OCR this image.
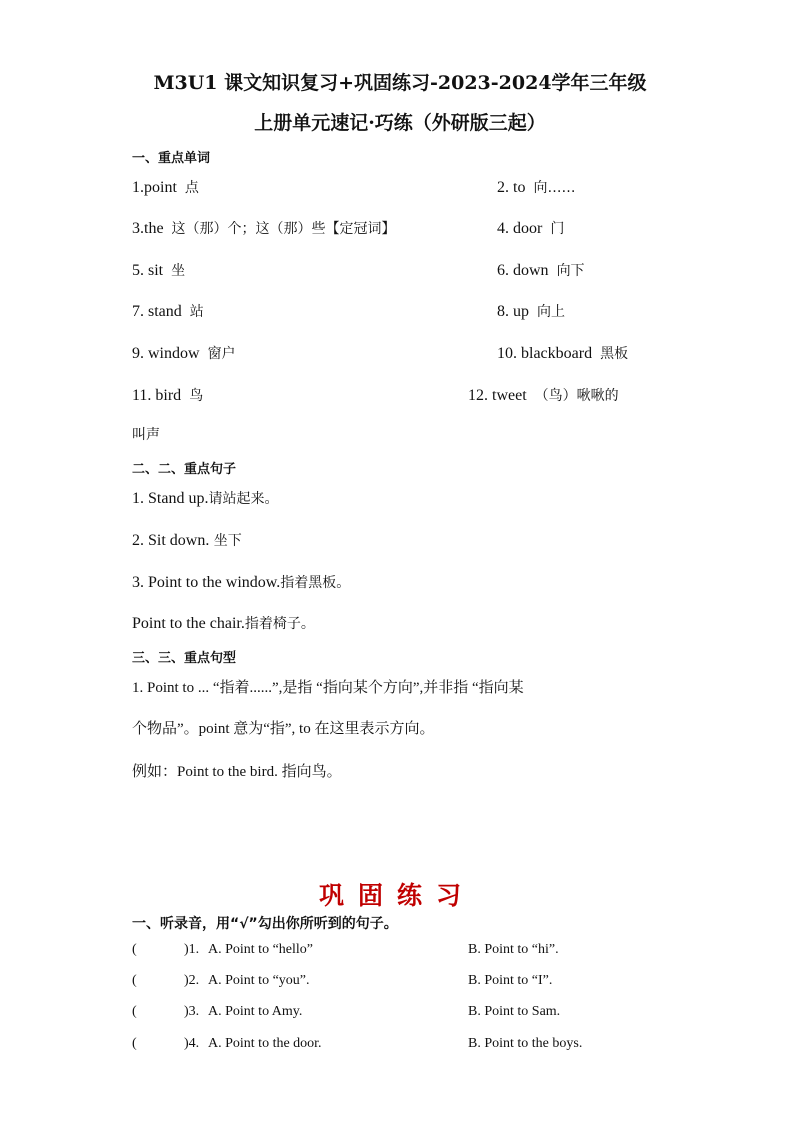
M3U1 课文知识复习+巩固练习-2023-2024学年三年级
上册单元速记·巧练（外研版三起）
一、重点单词
1.point 点	2. to 向……
3.the 这（那）个；这（那）些【定冠词】	4. door 门
5. sit 坐	6. down 向下
7. stand 站	8. up 向上
9. window 窗户	10. blackboard 黑板
11. bird 鸟	12. tweet （鸟）啾啾的
叫声
二、二、重点句子
1. Stand up.请站起来。
2. Sit down. 坐下
3. Point to the window.指着黑板。
Point to the chair.指着椅子。
三、三、重点句型
1. Point to ... “指着......”,是指 “指向某个方向”,并非指 “指向某
个物品”。point 意为“指”, to 在这里表示方向。
例如：Point to the bird. 指向鸟。
巩固练习
一、听录音，用“√”勾出你所听到的句子。
(	)1. A. Point to “hello”	B. Point to “hi”.
(	)2. A. Point to “you”.	B. Point to “I”.
(	)3. A. Point to Amy.	B. Point to Sam.
(	)4. A. Point to the door.	B. Point to the boys.
